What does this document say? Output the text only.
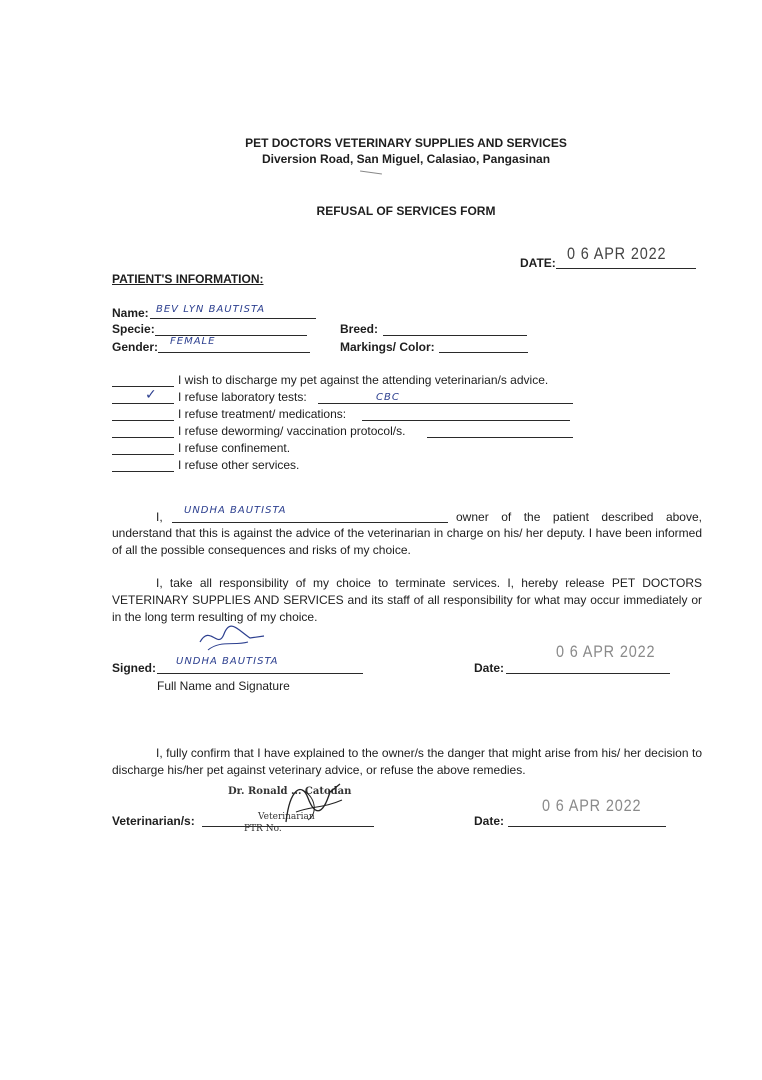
PET DOCTORS VETERINARY SUPPLIES AND SERVICES
Diversion Road, San Miguel, Calasiao, Pangasinan
REFUSAL OF SERVICES FORM
DATE: 0 6 APR 2022
PATIENT'S INFORMATION:
Name: BEV LYN BAUTISTA
Specie:	Breed:
Gender: FEMALE	Markings/ Color:
I wish to discharge my pet against the attending veterinarian/s advice.
✓ I refuse laboratory tests:	CBC
I refuse treatment/ medications:
I refuse deworming/ vaccination protocol/s.
I refuse confinement.
I refuse other services.
I, UNDHA BAUTISTA	owner of the patient described above,
understand that this is against the advice of the veterinarian in charge on his/ her deputy. I have been informed of all the possible consequences and risks of my choice.
I, take all responsibility of my choice to terminate services. I, hereby release PET DOCTORS VETERINARY SUPPLIES AND SERVICES and its staff of all responsibility for what may occur immediately or in the long term resulting of my choice.
Signed: UNDHA BAUTISTA
Full Name and Signature
Date:
0 6 APR 2022
I, fully confirm that I have explained to the owner/s the danger that might arise from his/ her decision to discharge his/her pet against veterinary advice, or refuse the above remedies.
Dr. Ronald ... Catodan
Veterinarian
PTR No.
Veterinarian/s:	Date:
0 6 APR 2022
